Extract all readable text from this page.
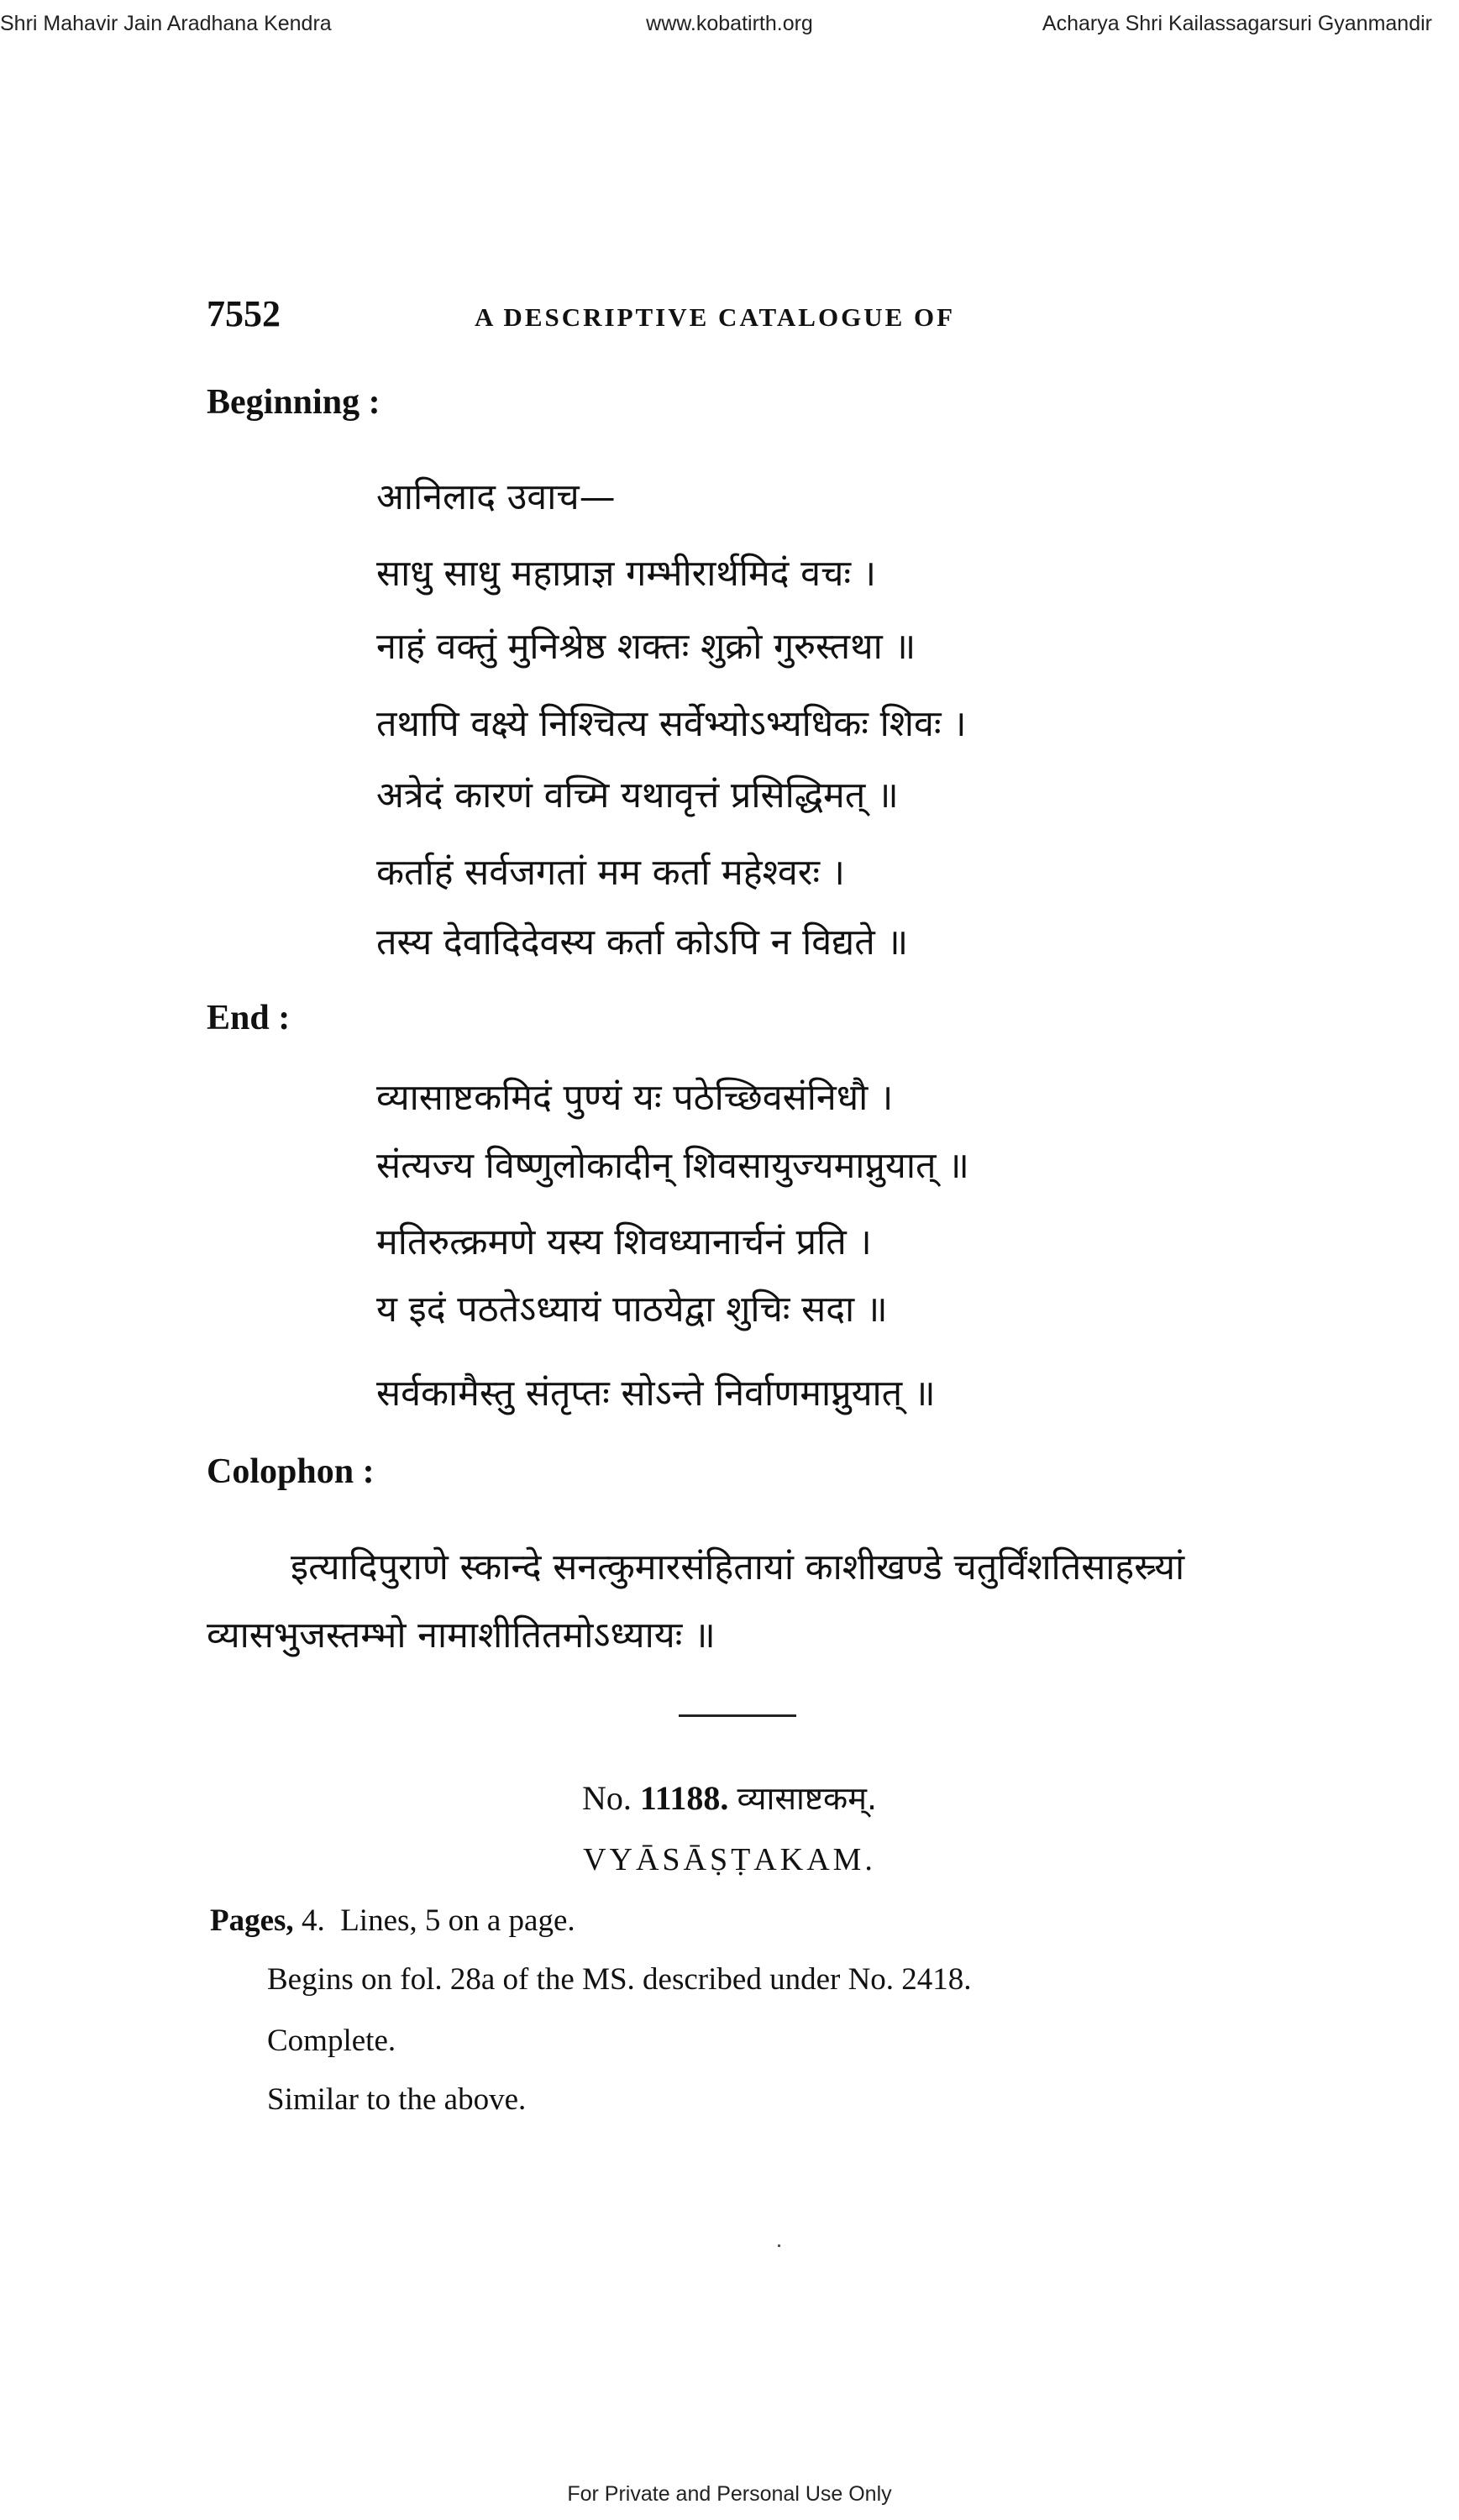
Shri Mahavir Jain Aradhana Kendra	www.kobatirth.org	Acharya Shri Kailassagarsuri Gyanmandir
7552	A DESCRIPTIVE CATALOGUE OF
Beginning :
आनिलाद उवाच—
साधु साधु महाप्राज्ञ गम्भीरार्थमिदं वचः ।
नाहं वक्तुं मुनिश्रेष्ठ शक्तः शुक्रो गुरुस्तथा ॥
तथापि वक्ष्ये निश्चित्य सर्वेभ्योऽभ्यधिकः शिवः ।
अत्रेदं कारणं वच्मि यथावृत्तं प्रसिद्धिमत् ॥
कर्ताहं सर्वजगतां मम कर्ता महेश्वरः ।
तस्य देवादिदेवस्य कर्ता कोऽपि न विद्यते ॥
End :
व्यासाष्टकमिदं पुण्यं यः पठेच्छिवसंनिधौ ।
संत्यज्य विष्णुलोकादीन् शिवसायुज्यमाप्नुयात् ॥
मतिरुत्क्रमणे यस्य शिवध्यानार्चनं प्रति ।
य इदं पठतेऽध्यायं पाठयेद्वा शुचिः सदा ॥
सर्वकामैस्तु संतृप्तः सोऽन्ते निर्वाणमाप्नुयात् ॥
Colophon :
इत्यादिपुराणे स्कान्दे सनत्कुमारसंहितायां काशीखण्डे चतुर्विंशतिसाहस्र्यां
व्यासभुजस्तम्भो नामाशीतितमोऽध्यायः ॥
No. 11188. व्यासाष्टकम्.
VYĀSĀṢṬAKAM.
Pages, 4. Lines, 5 on a page.
Begins on fol. 28a of the MS. described under No. 2418.
Complete.
Similar to the above.
For Private and Personal Use Only
